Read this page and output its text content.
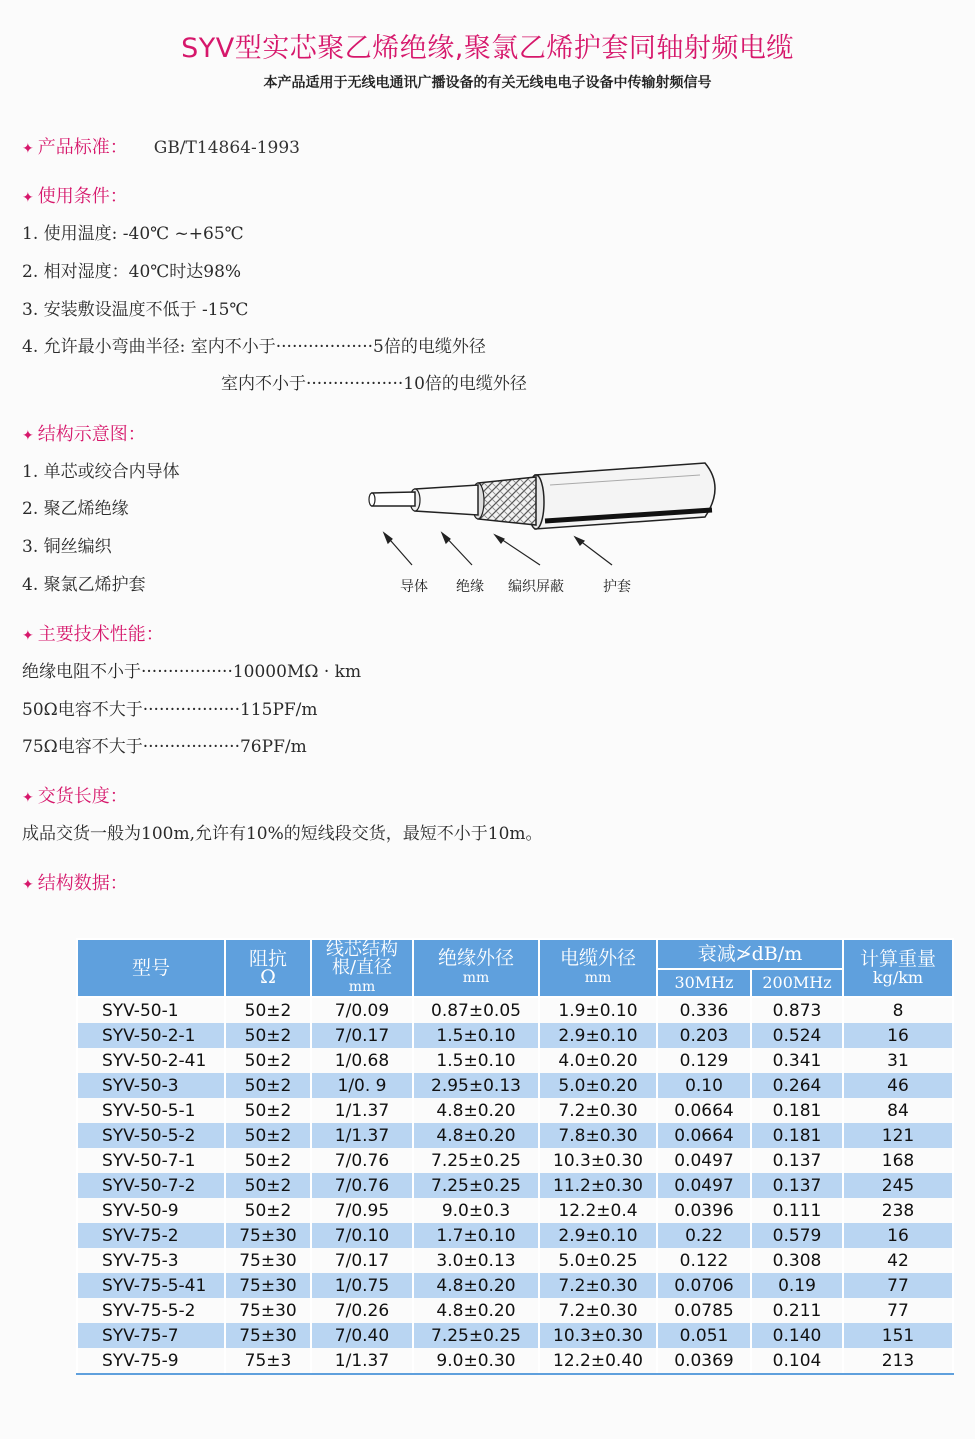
SYV型实芯聚乙烯绝缘,聚氯乙烯护套同轴射频电缆
本产品适用于无线电通讯广播设备的有关无线电电子设备中传输射频信号
✦ 产品标准： GB/T14864-1993
✦ 使用条件：
1. 使用温度: -40℃ ~+65℃
2. 相对湿度：40℃时达98%
3. 安装敷设温度不低于 -15℃
4. 允许最小弯曲半径: 室内不小于··················5倍的电缆外径
室内不小于··················10倍的电缆外径
✦ 结构示意图：
1. 单芯或绞合内导体
2. 聚乙烯绝缘
3. 铜丝编织
4. 聚氯乙烯护套	导体 绝缘 编织屏蔽	护套
✦ 主要技术性能：
绝缘电阻不小于·················10000MΩ · km
50Ω电容不大于··················115PF/m
75Ω电容不大于··················76PF/m
✦ 交货长度：
成品交货一般为100m,允许有10%的短线段交货，最短不小于10m。
✦ 结构数据：
型号	阻抗
Ω	线芯结构
根/直径
mm	绝缘外径
mm	电缆外径
mm	衰减≯dB/m		计算重量
kg/km
					30MHz	200MHz	
SYV-50-1	50±2	7/0.09	0.87±0.05	1.9±0.10	0.336	0.873	8
SYV-50-2-1	50±2	7/0.17	1.5±0.10	2.9±0.10	0.203	0.524	16
SYV-50-2-41	50±2	1/0.68	1.5±0.10	4.0±0.20	0.129	0.341	31
SYV-50-3	50±2	1/0. 9	2.95±0.13	5.0±0.20	0.10	0.264	46
SYV-50-5-1	50±2	1/1.37	4.8±0.20	7.2±0.30	0.0664	0.181	84
SYV-50-5-2	50±2	1/1.37	4.8±0.20	7.8±0.30	0.0664	0.181	121
SYV-50-7-1	50±2	7/0.76	7.25±0.25	10.3±0.30	0.0497	0.137	168
SYV-50-7-2	50±2	7/0.76	7.25±0.25	11.2±0.30	0.0497	0.137	245
SYV-50-9	50±2	7/0.95	9.0±0.3	12.2±0.4	0.0396	0.111	238
SYV-75-2	75±30	7/0.10	1.7±0.10	2.9±0.10	0.22	0.579	16
SYV-75-3	75±30	7/0.17	3.0±0.13	5.0±0.25	0.122	0.308	42
SYV-75-5-41	75±30	1/0.75	4.8±0.20	7.2±0.30	0.0706	0.19	77
SYV-75-5-2	75±30	7/0.26	4.8±0.20	7.2±0.30	0.0785	0.211	77
SYV-75-7	75±30	7/0.40	7.25±0.25	10.3±0.30	0.051	0.140	151
SYV-75-9	75±3	1/1.37	9.0±0.30	12.2±0.40	0.0369	0.104	213
